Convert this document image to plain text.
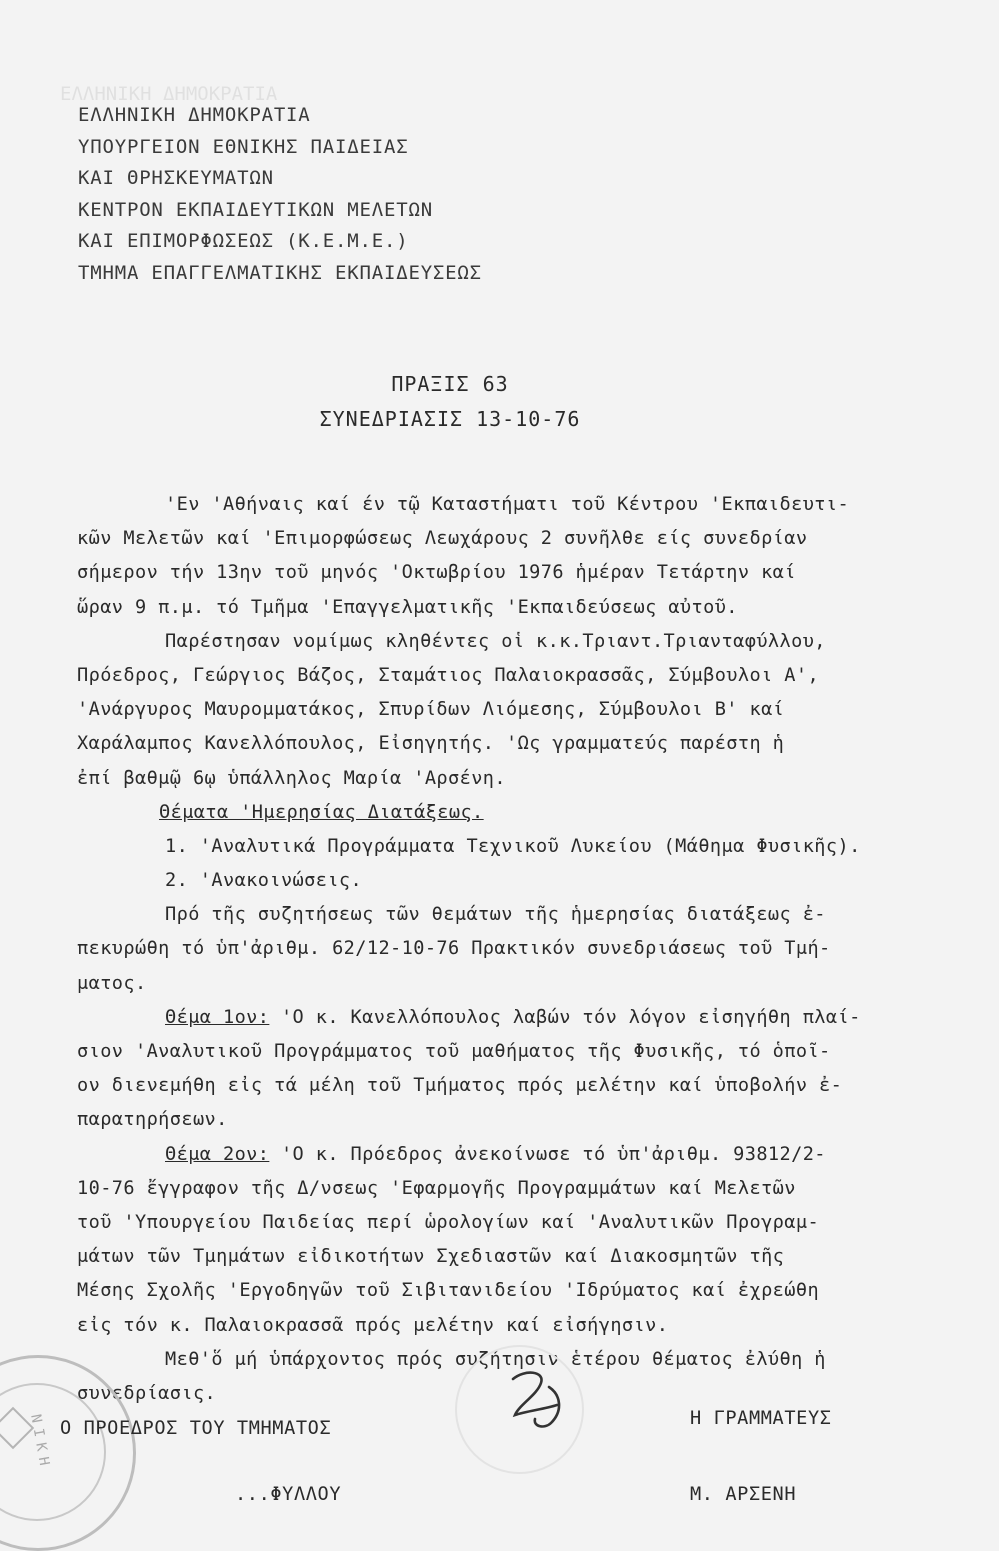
ΕΛΛΗΝΙΚΗ ΔΗΜΟΚΡΑΤΙΑ
ΕΛΛΗΝΙΚΗ ΔΗΜΟΚΡΑΤΙΑ
ΥΠΟΥΡΓΕΙΟΝ ΕΘΝΙΚΗΣ ΠΑΙΔΕΙΑΣ
ΚΑΙ ΘΡΗΣΚΕΥΜΑΤΩΝ
ΚΕΝΤΡΟΝ ΕΚΠΑΙΔΕΥΤΙΚΩΝ ΜΕΛΕΤΩΝ
ΚΑΙ ΕΠΙΜΟΡΦΩΣΕΩΣ (Κ.Ε.Μ.Ε.)
ΤΜΗΜΑ ΕΠΑΓΓΕΛΜΑΤΙΚΗΣ ΕΚΠΑΙΔΕΥΣΕΩΣ
ΠΡΑΞΙΣ 63
ΣΥΝΕΔΡΙΑΣΙΣ 13-10-76
'Εν 'Αθήναις καί έν τῷ Καταστήματι τοῦ Κέντρου 'Εκπαιδευτι-
κῶν Μελετῶν καί 'Επιμορφώσεως Λεωχάρους 2 συνῆλθε είς συνεδρίαν
σήμερον τήν 13ην τοῦ μηνός 'Οκτωβρίου 1976 ἡμέραν Τετάρτην καί
ὥραν 9 π.μ. τό Τμῆμα 'Επαγγελματικῆς 'Εκπαιδεύσεως αὐτοῦ.
Παρέστησαν νομίμως κληθέντες οἱ κ.κ.Τριαντ.Τριανταφύλλου,
Πρόεδρος, Γεώργιος Βάζος, Σταμάτιος Παλαιοκρασσᾶς, Σύμβουλοι Α',
'Ανάργυρος Μαυρομματάκος, Σπυρίδων Λιόμεσης, Σύμβουλοι Β' καί
Χαράλαμπος Κανελλόπουλος, Εἰσηγητής. 'Ως γραμματεύς παρέστη ἡ
ἐπί βαθμῷ 6ῳ ὑπάλληλος Μαρία 'Αρσένη.
Θέματα 'Ημερησίας Διατάξεως.
1. 'Αναλυτικά Προγράμματα Τεχνικοῦ Λυκείου (Μάθημα Φυσικῆς).
2. 'Ανακοινώσεις.
Πρό τῆς συζητήσεως τῶν θεμάτων τῆς ἡμερησίας διατάξεως ἐ-
πεκυρώθη τό ὑπ'ἀριθμ. 62/12-10-76 Πρακτικόν συνεδριάσεως τοῦ Τμή-
ματος.
Θέμα 1ον: 'Ο κ. Κανελλόπουλος λαβών τόν λόγον εἰσηγήθη πλαί-
σιον 'Αναλυτικοῦ Προγράμματος τοῦ μαθήματος τῆς Φυσικῆς, τό ὁποῖ-
ον διενεμήθη εἰς τά μέλη τοῦ Τμήματος πρός μελέτην καί ὑποβολήν ἐ-
παρατηρήσεων.
Θέμα 2ον: 'Ο κ. Πρόεδρος ἀνεκοίνωσε τό ὑπ'ἀριθμ. 93812/2-
10-76 ἔγγραφον τῆς Δ/νσεως 'Εφαρμογῆς Προγραμμάτων καί Μελετῶν
τοῦ 'Υπουργείου Παιδείας περί ὡρολογίων καί 'Αναλυτικῶν Προγραμ-
μάτων τῶν Τμημάτων εἰδικοτήτων Σχεδιαστῶν καί Διακοσμητῶν τῆς
Μέσης Σχολῆς 'Εργοδηγῶν τοῦ Σιβιτανιδείου 'Ιδρύματος καί ἐχρεώθη
εἰς τόν κ. Παλαιοκρασσᾶ πρός μελέτην καί εἰσήγησιν.
Μεθ'ὅ μή ὑπάρχοντος πρός συζήτησιν ἑτέρου θέματος ἐλύθη ἡ
συνεδρίασις.
ΝΙΚΗ Ο ΠΡΟΕΔΡΟΣ ΤΟΥ ΤΜΗΜΑΤΟΣ
...ΦΥΛΛΟΥ
Η ΓΡΑΜΜΑΤΕΥΣ
Μ. ΑΡΣΕΝΗ
